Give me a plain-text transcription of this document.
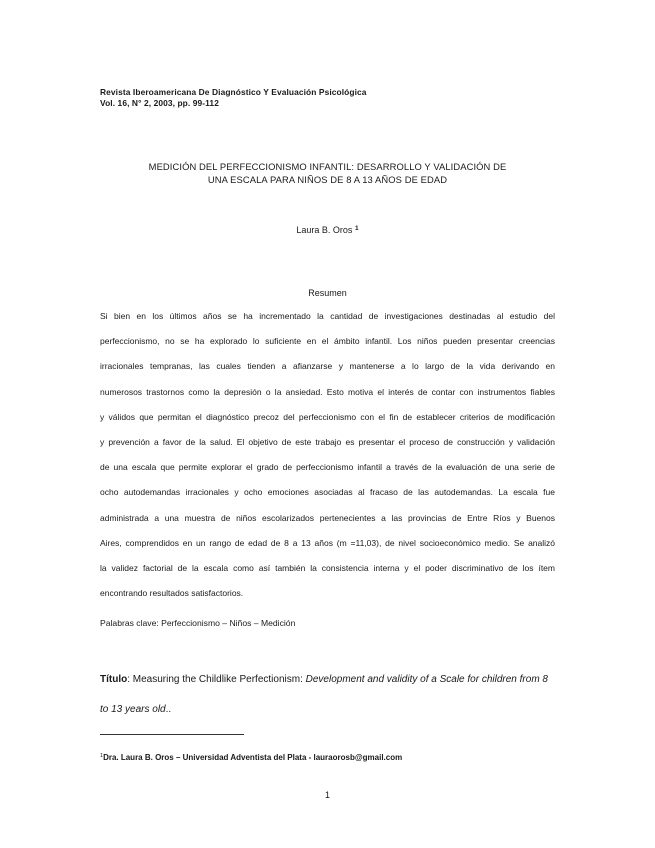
Revista Iberoamericana De Diagnóstico Y Evaluación Psicológica
Vol. 16, N° 2, 2003, pp. 99-112
MEDICIÓN DEL PERFECCIONISMO INFANTIL: DESARROLLO Y VALIDACIÓN DE
UNA ESCALA PARA NIÑOS DE 8 A 13 AÑOS DE EDAD
Laura B. Oros $^1$
Resumen
Si bien en los últimos años se ha incrementado la cantidad de investigaciones destinadas al estudio del
perfeccionismo, no se ha explorado lo suficiente en el ámbito infantil. Los niños pueden presentar creencias
irracionales tempranas, las cuales tienden a afianzarse y mantenerse a lo largo de la vida derivando en
numerosos trastornos como la depresión o la ansiedad. Esto motiva el interés de contar con instrumentos fiables
y válidos que permitan el diagnóstico precoz del perfeccionismo con el fin de establecer criterios de modificación
y prevención a favor de la salud. El objetivo de este trabajo es presentar el proceso de construcción y validación
de una escala que permite explorar el grado de perfeccionismo infantil a través de la evaluación de una serie de
ocho autodemandas irracionales y ocho emociones asociadas al fracaso de las autodemandas. La escala fue
administrada a una muestra de niños escolarizados pertenecientes a las provincias de Entre Ríos y Buenos
Aires, comprendidos en un rango de edad de 8 a 13 años (m =11,03), de nivel socioeconómico medio. Se analizó
la validez factorial de la escala como así también la consistencia interna y el poder discriminativo de los ítem
encontrando resultados satisfactorios.
Palabras clave: Perfeccionismo – Niños – Medición
Título: Measuring the Childlike Perfectionism: Development and validity of a Scale for children from 8 to 13 years old..
$^1$Dra. Laura B. Oros – Universidad Adventista del Plata - lauraorosb@gmail.com
1
